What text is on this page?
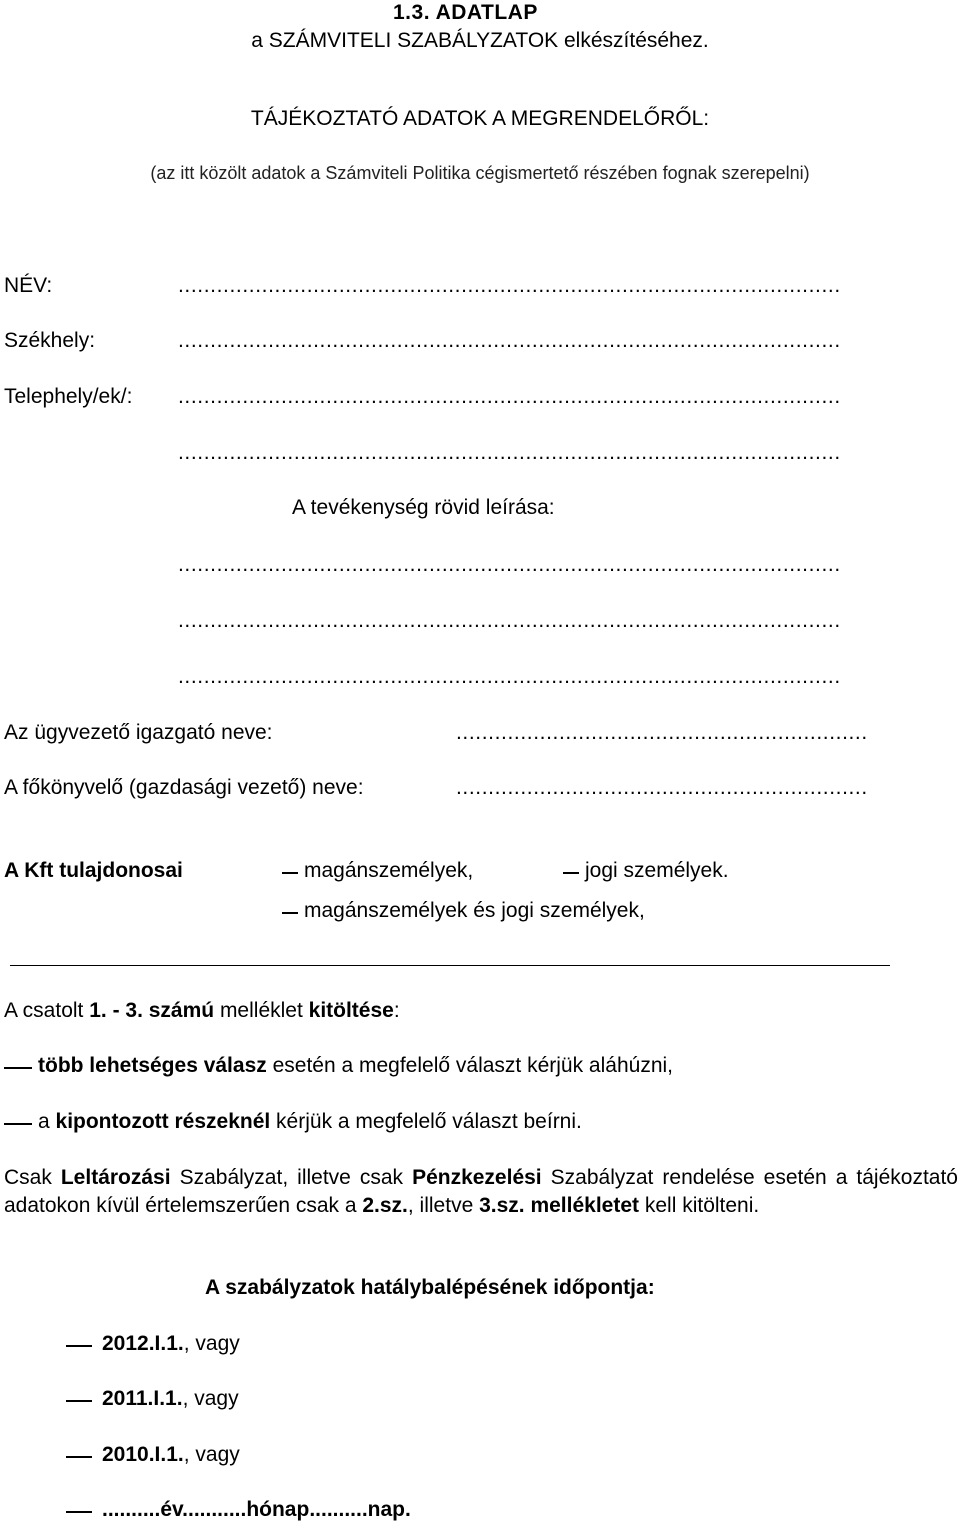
1.3. ADATLAP
a SZÁMVITELI SZABÁLYZATOK elkészítéséhez.
TÁJÉKOZTATÓ ADATOK A MEGRENDELŐRŐL:
(az itt közölt adatok a Számviteli Politika cégismertető részében fognak szerepelni)
NÉV:	.......................................................................................................
Székhely:	.......................................................................................................
Telephely/ek/: .......................................................................................................
.......................................................................................................
A tevékenység rövid leírása:
.......................................................................................................
.......................................................................................................
.......................................................................................................
Az ügyvezető igazgató neve:	................................................................
A főkönyvelő (gazdasági vezető) neve:	................................................................
A Kft tulajdonosai	magánszemélyek,	jogi személyek.
magánszemélyek és jogi személyek,
A csatolt 1. - 3. számú melléklet kitöltése:
több lehetséges válasz esetén a megfelelő választ kérjük aláhúzni,
a kipontozott részeknél kérjük a megfelelő választ beírni.
Csak Leltározási Szabályzat, illetve csak Pénzkezelési Szabályzat rendelése esetén a tájékoztató adatokon kívül értelemszerűen csak a 2.sz., illetve 3.sz. mellékletet kell kitölteni.
A szabályzatok hatálybalépésének időpontja:
2012.I.1., vagy
2011.I.1., vagy
2010.I.1., vagy
..........év...........hónap..........nap.
